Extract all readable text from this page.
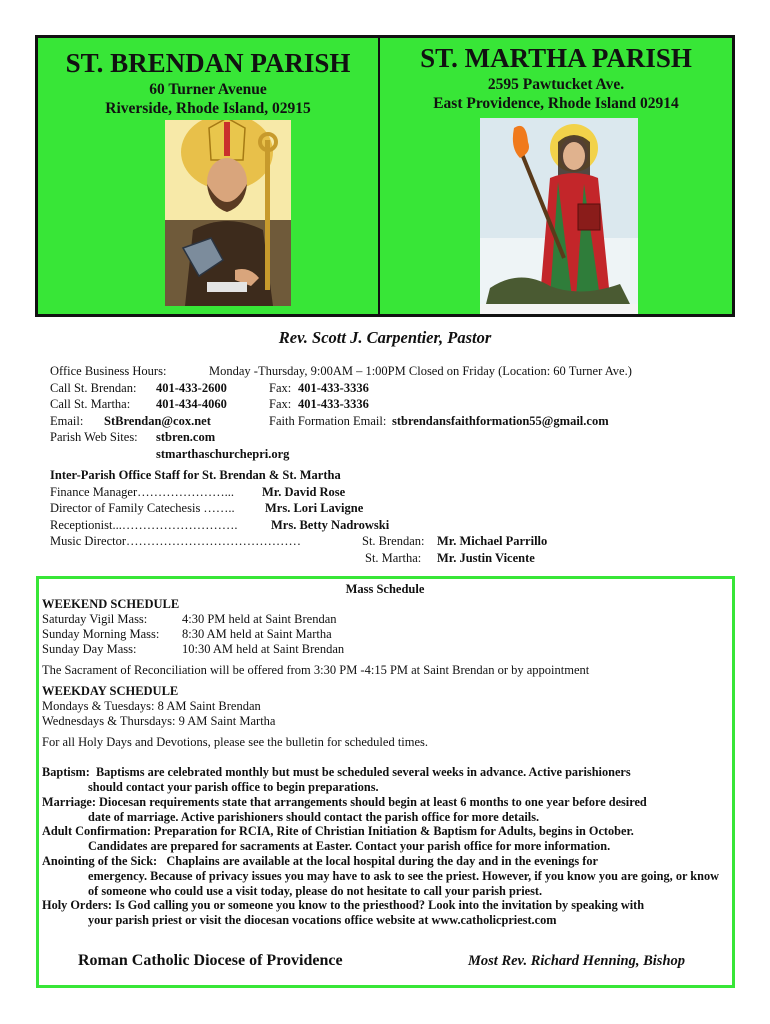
ST. BRENDAN PARISH
60 Turner Avenue
Riverside, Rhode Island, 02915
ST. MARTHA PARISH
2595 Pawtucket Ave.
East Providence, Rhode Island 02914
Rev. Scott J. Carpentier, Pastor
Office Business Hours:	Monday -Thursday, 9:00AM – 1:00PM Closed on Friday (Location: 60 Turner Ave.)
Call St. Brendan: 401-433-2600	Fax: 401-433-3336
Call St. Martha: 401-434-4060	Fax: 401-433-3336
Email: StBrendan@cox.net	Faith Formation Email: stbrendansfaithformation55@gmail.com
Parish Web Sites: stbren.com
stmarthaschurchepri.org
Inter-Parish Office Staff for St. Brendan & St. Martha
Finance Manager…………………... Mr. David Rose
Director of Family Catechesis …….. Mrs. Lori Lavigne
Receptionist...……………………….	Mrs. Betty Nadrowski
Music Director……………………………………	St. Brendan: Mr. Michael Parrillo
St. Martha: Mr. Justin Vicente
Mass Schedule
WEEKEND SCHEDULE
Saturday Vigil Mass:	4:30 PM held at Saint Brendan
Sunday Morning Mass: 8:30 AM held at Saint Martha
Sunday Day Mass:	10:30 AM held at Saint Brendan
The Sacrament of Reconciliation will be offered from 3:30 PM -4:15 PM at Saint Brendan or by appointment
WEEKDAY SCHEDULE
Mondays & Tuesdays: 8 AM Saint Brendan
Wednesdays & Thursdays: 9 AM Saint Martha
For all Holy Days and Devotions, please see the bulletin for scheduled times.
Baptism: Baptisms are celebrated monthly but must be scheduled several weeks in advance. Active parishioners
should contact your parish office to begin preparations.
Marriage: Diocesan requirements state that arrangements should begin at least 6 months to one year before desired
date of marriage. Active parishioners should contact the parish office for more details.
Adult Confirmation: Preparation for RCIA, Rite of Christian Initiation & Baptism for Adults, begins in October.
Candidates are prepared for sacraments at Easter. Contact your parish office for more information.
Anointing of the Sick: Chaplains are available at the local hospital during the day and in the evenings for
emergency. Because of privacy issues you may have to ask to see the priest. However, if you know you are going, or know of someone who could use a visit today, please do not hesitate to call your parish priest.
Holy Orders: Is God calling you or someone you know to the priesthood? Look into the invitation by speaking with
your parish priest or visit the diocesan vocations office website at www.catholicpriest.com
Roman Catholic Diocese of Providence	Most Rev. Richard Henning, Bishop
